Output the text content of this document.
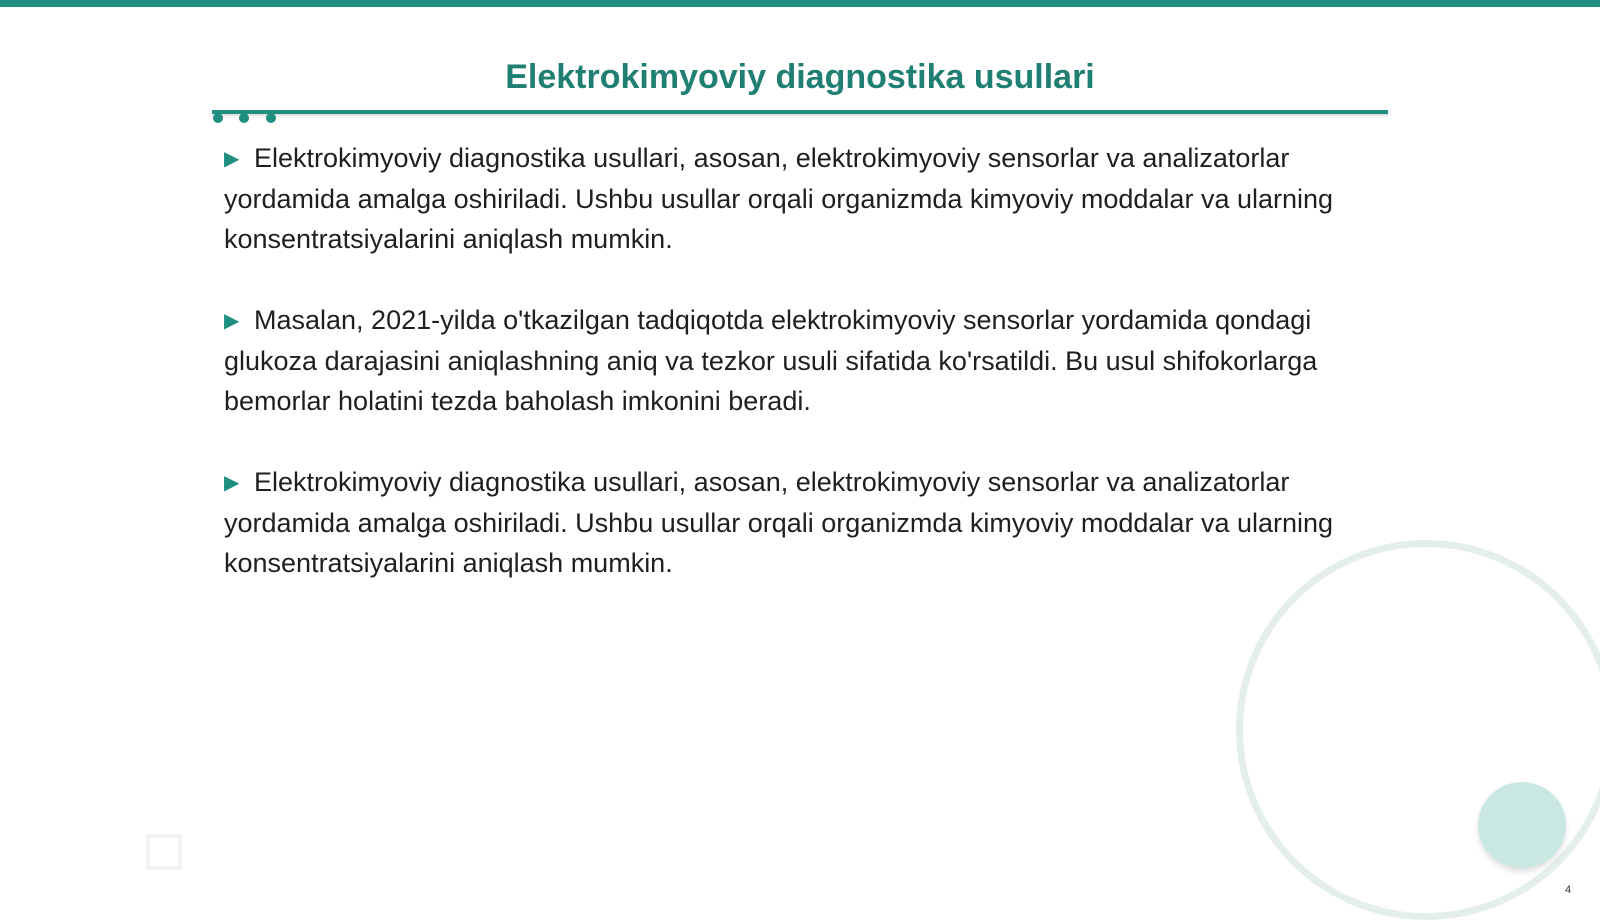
Elektrokimyoviy diagnostika usullari

▶ Elektrokimyoviy diagnostika usullari, asosan, elektrokimyoviy sensorlar va analizatorlar yordamida amalga oshiriladi. Ushbu usullar orqali organizmda kimyoviy moddalar va ularning konsentratsiyalarini aniqlash mumkin.

▶ Masalan, 2021-yilda o'tkazilgan tadqiqotda elektrokimyoviy sensorlar yordamida qondagi glukoza darajasini aniqlashning aniq va tezkor usuli sifatida ko'rsatildi. Bu usul shifokorlarga bemorlar holatini tezda baholash imkonini beradi.

▶ Elektrokimyoviy diagnostika usullari, asosan, elektrokimyoviy sensorlar va analizatorlar yordamida amalga oshiriladi. Ushbu usullar orqali organizmda kimyoviy moddalar va ularning konsentratsiyalarini aniqlash mumkin.

4
